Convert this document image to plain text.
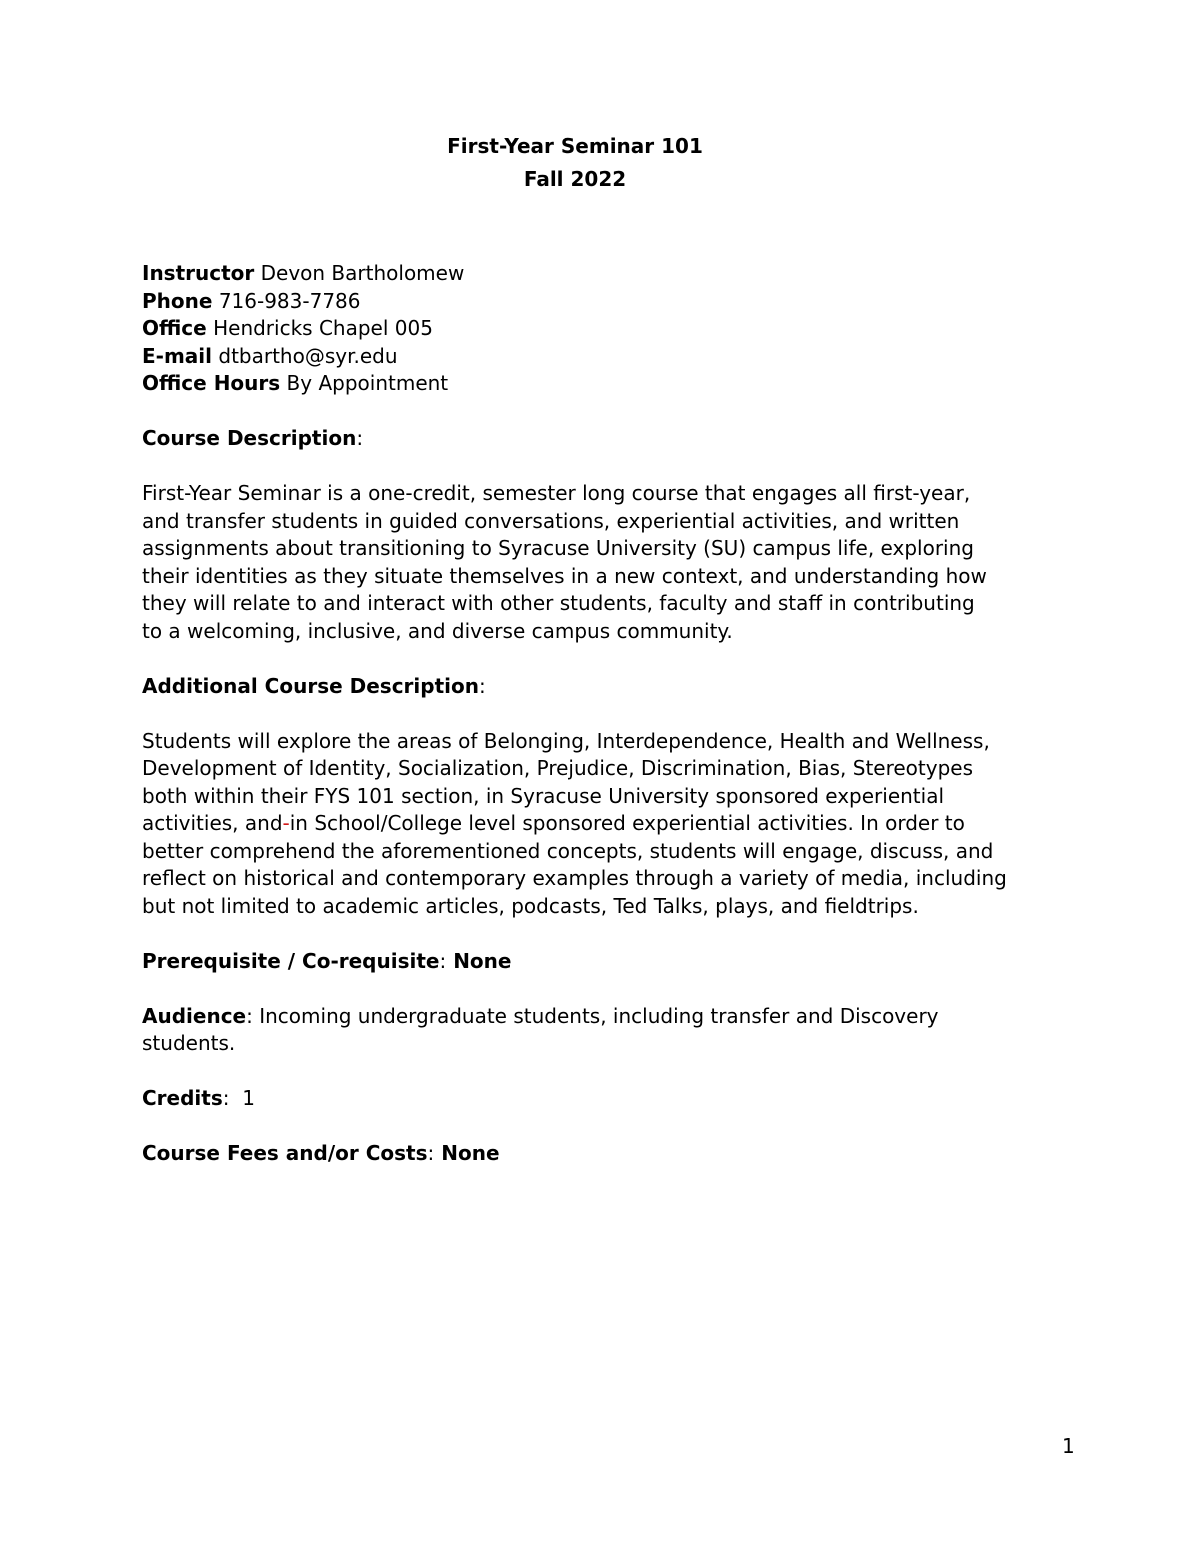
First-Year Seminar 101
Fall 2022

Instructor Devon Bartholomew

Phone 716-983-7786

Office Hendricks Chapel 005

E-mail dtbartho@syr.edu

Office Hours By Appointment

Course Description:

First-Year Seminar is a one-credit, semester long course that engages all first-year,

and transfer students in guided conversations, experiential activities, and written

assignments about transitioning to Syracuse University (SU) campus life, exploring

their identities as they situate themselves in a new context, and understanding how

they will relate to and interact with other students, faculty and staff in contributing

to a welcoming, inclusive, and diverse campus community.

Additional Course Description:

Students will explore the areas of Belonging, Interdependence, Health and Wellness,

Development of Identity, Socialization, Prejudice, Discrimination, Bias, Stereotypes

both within their FYS 101 section, in Syracuse University sponsored experiential

activities, and-in School/College level sponsored experiential activities. In order to

better comprehend the aforementioned concepts, students will engage, discuss, and

reflect on historical and contemporary examples through a variety of media, including

but not limited to academic articles, podcasts, Ted Talks, plays, and fieldtrips.

Prerequisite / Co-requisite: None

Audience: Incoming undergraduate students, including transfer and Discovery

students.

Credits:  1

Course Fees and/or Costs: None

1
